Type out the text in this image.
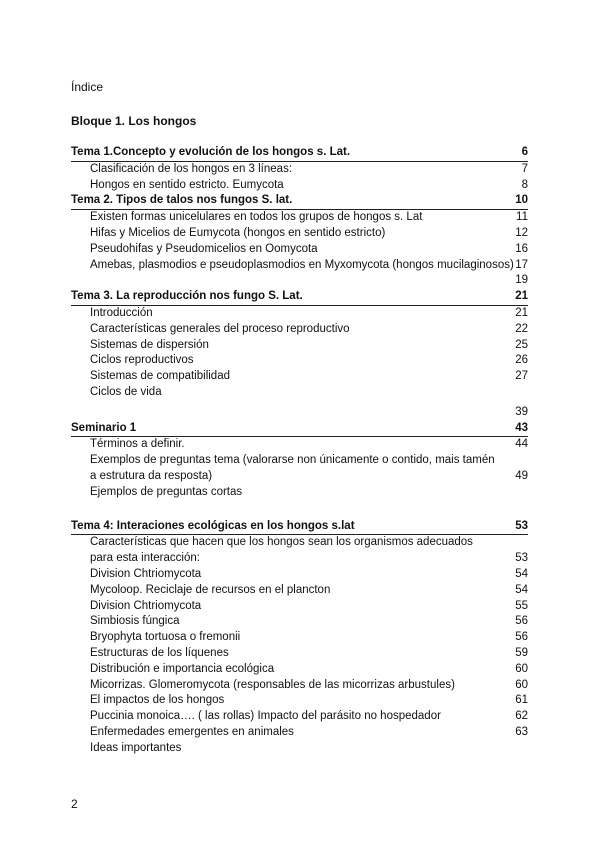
Índice
Bloque 1. Los hongos
Tema 1.Concepto y evolución de los hongos s. Lat.	6
Clasificación de los hongos en 3 líneas:	7
Hongos en sentido estricto. Eumycota	8
Tema 2. Tipos de talos nos fungos S. lat.	10
Existen formas unicelulares en todos los grupos de hongos s. Lat	11
Hifas y Micelios de Eumycota (hongos en sentido estricto)	12
Pseudohifas y Pseudomicelios en Oomycota	16
Amebas, plasmodios e pseudoplasmodios en Myxomycota (hongos mucilaginosos) 17
19
Tema 3. La reproducción nos fungo S. Lat.	21
Introducción	21
Características generales del proceso reproductivo	22
Sistemas de dispersión	25
Ciclos reproductivos	26
Sistemas de compatibilidad	27
Ciclos de vida
39
Seminario 1	43
Términos a definir.	44
Exemplos de preguntas tema (valorarse non únicamente o contido, mais tamén a estrutura da resposta)	49
Ejemplos de preguntas cortas
Tema 4: Interaciones ecológicas en los hongos s.lat	53
Características que hacen que los hongos sean los organismos adecuados para esta interacción:	53
Division Chtriomycota	54
Mycoloop. Reciclaje de recursos en el plancton	54
Division Chtriomycota	55
Simbiosis fúngica	56
Bryophyta tortuosa o fremonii	56
Estructuras de los líquenes	59
Distribución e importancia ecológica	60
Micorrizas. Glomeromycota (responsables de las micorrizas arbustules)	60
El impactos de los hongos	61
Puccinia monoica…. ( las rollas) Impacto del parásito no hospedador	62
Enfermedades emergentes en animales	63
Ideas importantes
2
